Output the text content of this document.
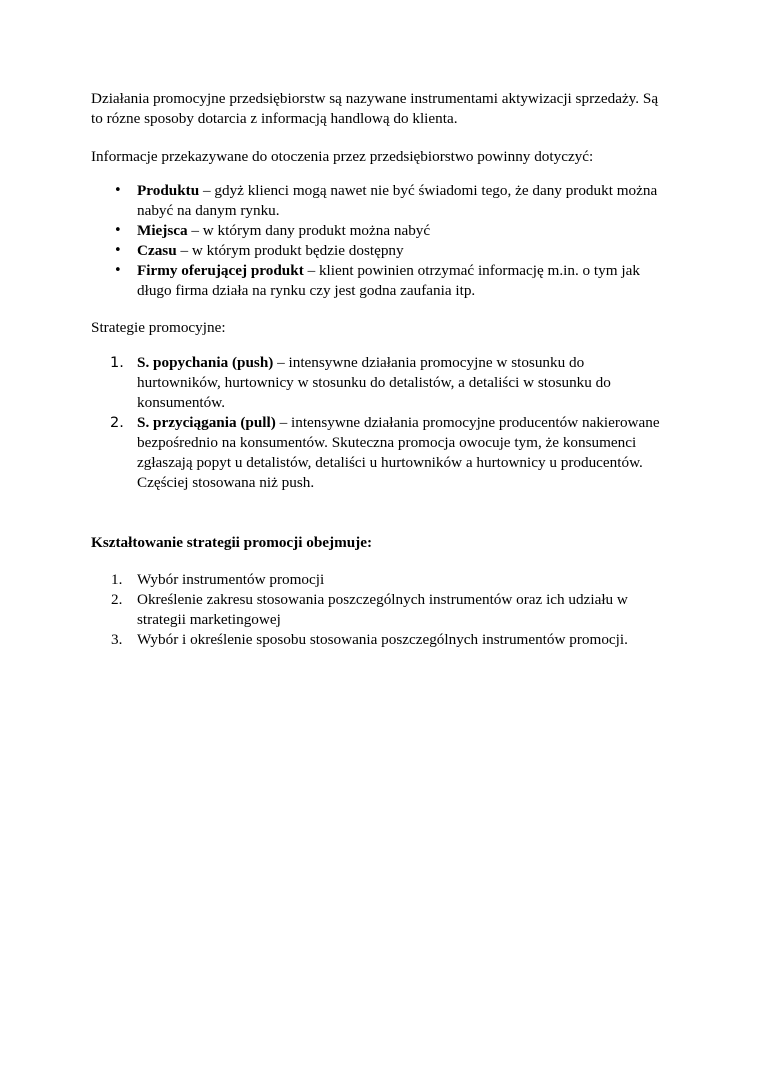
Działania promocyjne przedsiębiorstw są nazywane instrumentami aktywizacji sprzedaży. Są to rózne sposoby dotarcia z informacją handlową do klienta.

Informacje przekazywane do otoczenia przez przedsiębiorstwo powinny dotyczyć:

• Produktu – gdyż klienci mogą nawet nie być świadomi tego, że dany produkt można nabyć na danym rynku.
• Miejsca – w którym dany produkt można nabyć
• Czasu – w którym produkt będzie dostępny
• Firmy oferującej produkt – klient powinien otrzymać informację m.in. o tym jak długo firma działa na rynku czy jest godna zaufania itp.

Strategie promocyjne:

1. S. popychania (push) – intensywne działania promocyjne w stosunku do hurtowników, hurtownicy w stosunku do detalistów, a detaliści w stosunku do konsumentów.
2. S. przyciągania (pull) – intensywne działania promocyjne producentów nakierowane bezpośrednio na konsumentów. Skuteczna promocja owocuje tym, że konsumenci zgłaszają popyt u detalistów, detaliści u hurtowników a hurtownicy u producentów. Częściej stosowana niż push.

Kształtowanie strategii promocji obejmuje:

1. Wybór instrumentów promocji
2. Określenie zakresu stosowania poszczególnych instrumentów oraz ich udziału w strategii marketingowej
3. Wybór i określenie sposobu stosowania poszczególnych instrumentów promocji.
